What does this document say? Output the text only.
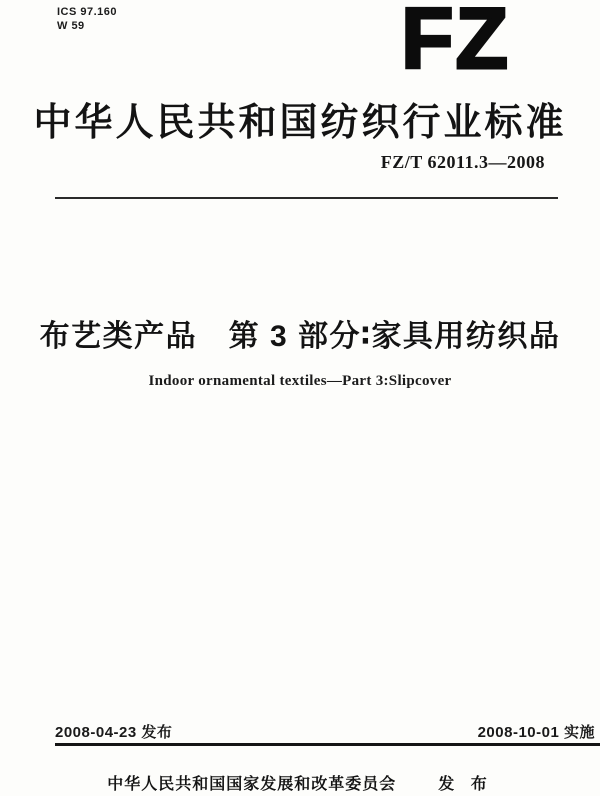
ICS 97.160
W 59	FZ
中华人民共和国纺织行业标准
FZ/T 62011.3—2008
布艺类产品　第 3 部分∶家具用纺织品
Indoor ornamental textiles—Part 3:Slipcover
2008-04-23 发布	2008-10-01 实施
中华人民共和国国家发展和改革委员会	发 布
